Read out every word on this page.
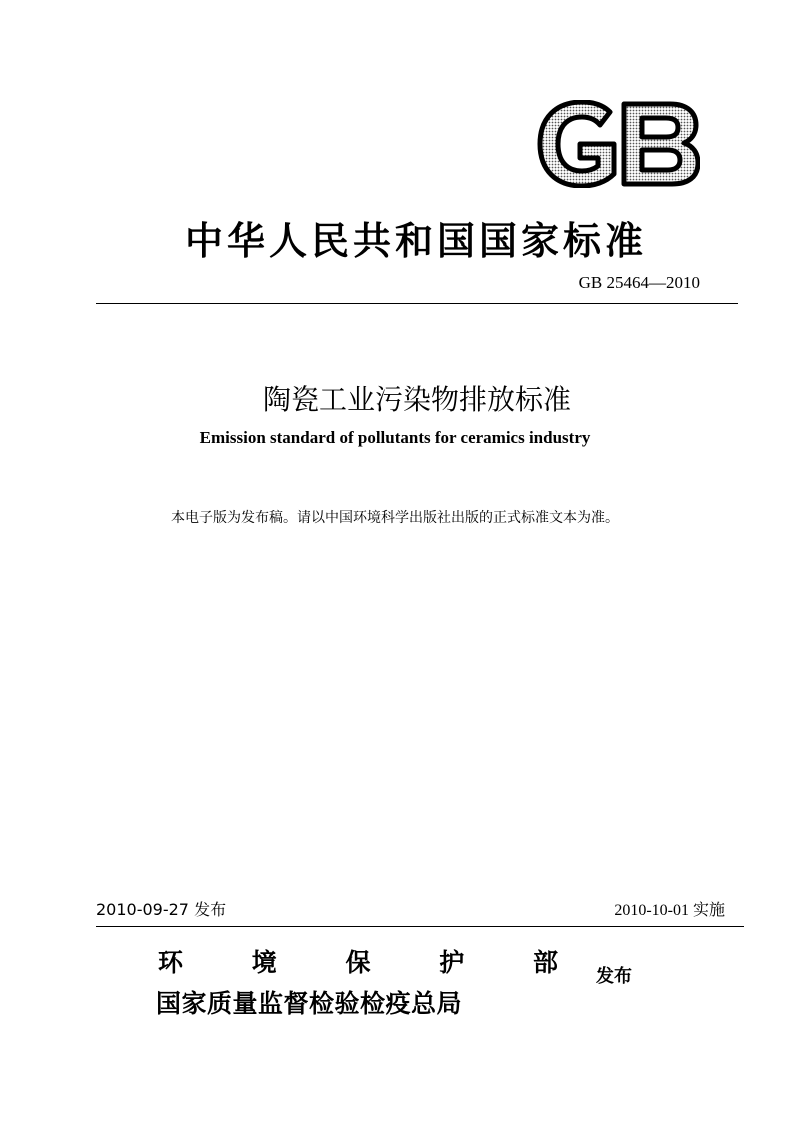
中华人民共和国国家标准
GB 25464—2010
陶瓷工业污染物排放标准
Emission standard of pollutants for ceramics industry
本电子版为发布稿。请以中国环境科学出版社出版的正式标准文本为准。
2010-09-27 发布	2010-10-01 实施
环	境	保	护	部
国家质量监督检验检疫总局
发布
